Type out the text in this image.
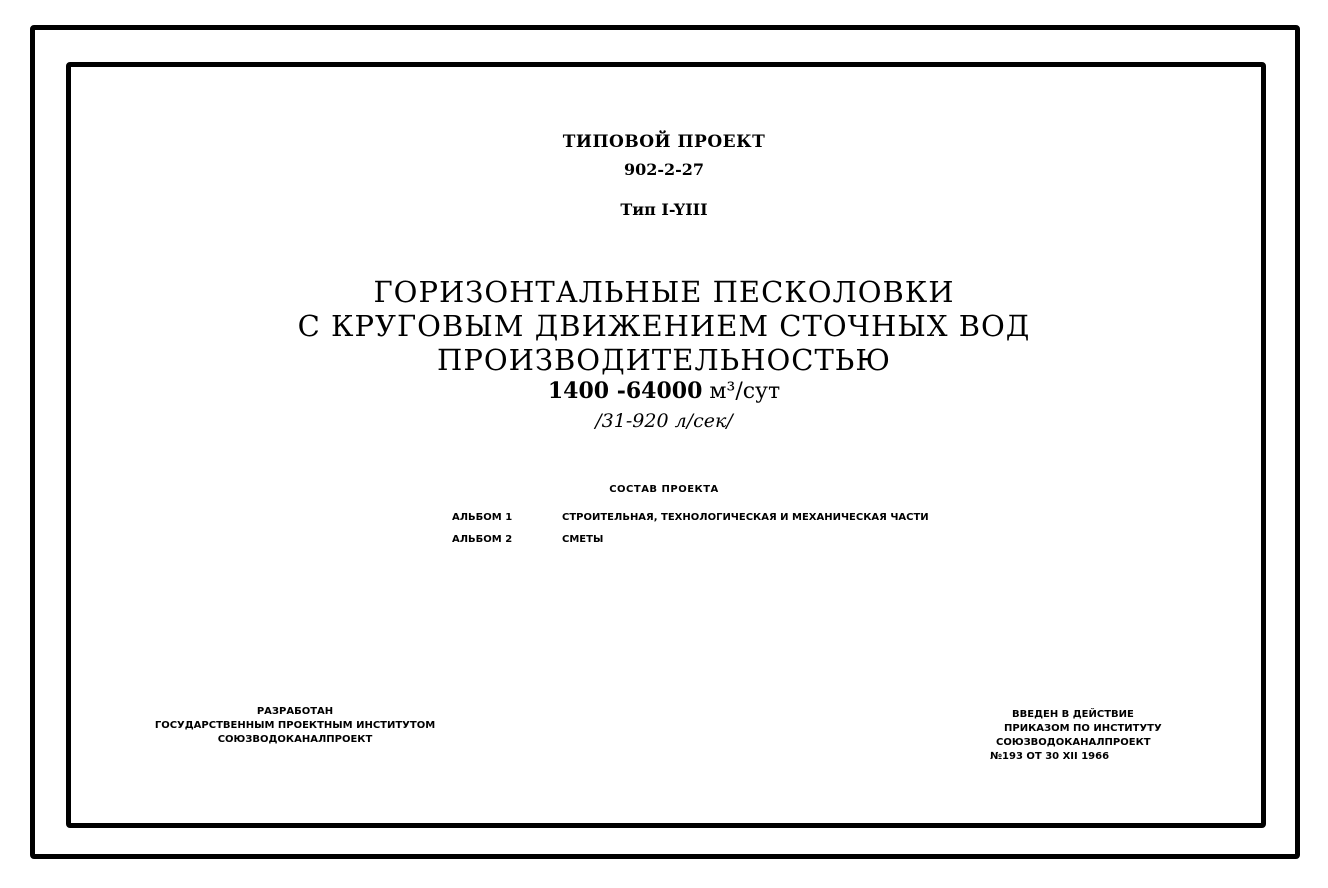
ТИПОВОЙ ПРОЕКТ
902-2-27
Тип I-YIII
ГОРИЗОНТАЛЬНЫЕ ПЕСКОЛОВКИ
С КРУГОВЫМ ДВИЖЕНИЕМ СТОЧНЫХ ВОД
ПРОИЗВОДИТЕЛЬНОСТЬЮ
1400 -64000 м³/сут
/31-920 л/сек/
СОСТАВ ПРОЕКТА
АЛЬБОМ 1	СТРОИТЕЛЬНАЯ, ТЕХНОЛОГИЧЕСКАЯ И МЕХАНИЧЕСКАЯ ЧАСТИ
АЛЬБОМ 2	СМЕТЫ
РАЗРАБОТАН
ГОСУДАРСТВЕННЫМ ПРОЕКТНЫМ ИНСТИТУТОМ
СОЮЗВОДОКАНАЛПРОЕКТ
ВВЕДЕН В ДЕЙСТВИЕ
ПРИКАЗОМ ПО ИНСТИТУТУ
СОЮЗВОДОКАНАЛПРОЕКТ
№193 ОТ 30 XII 1966
